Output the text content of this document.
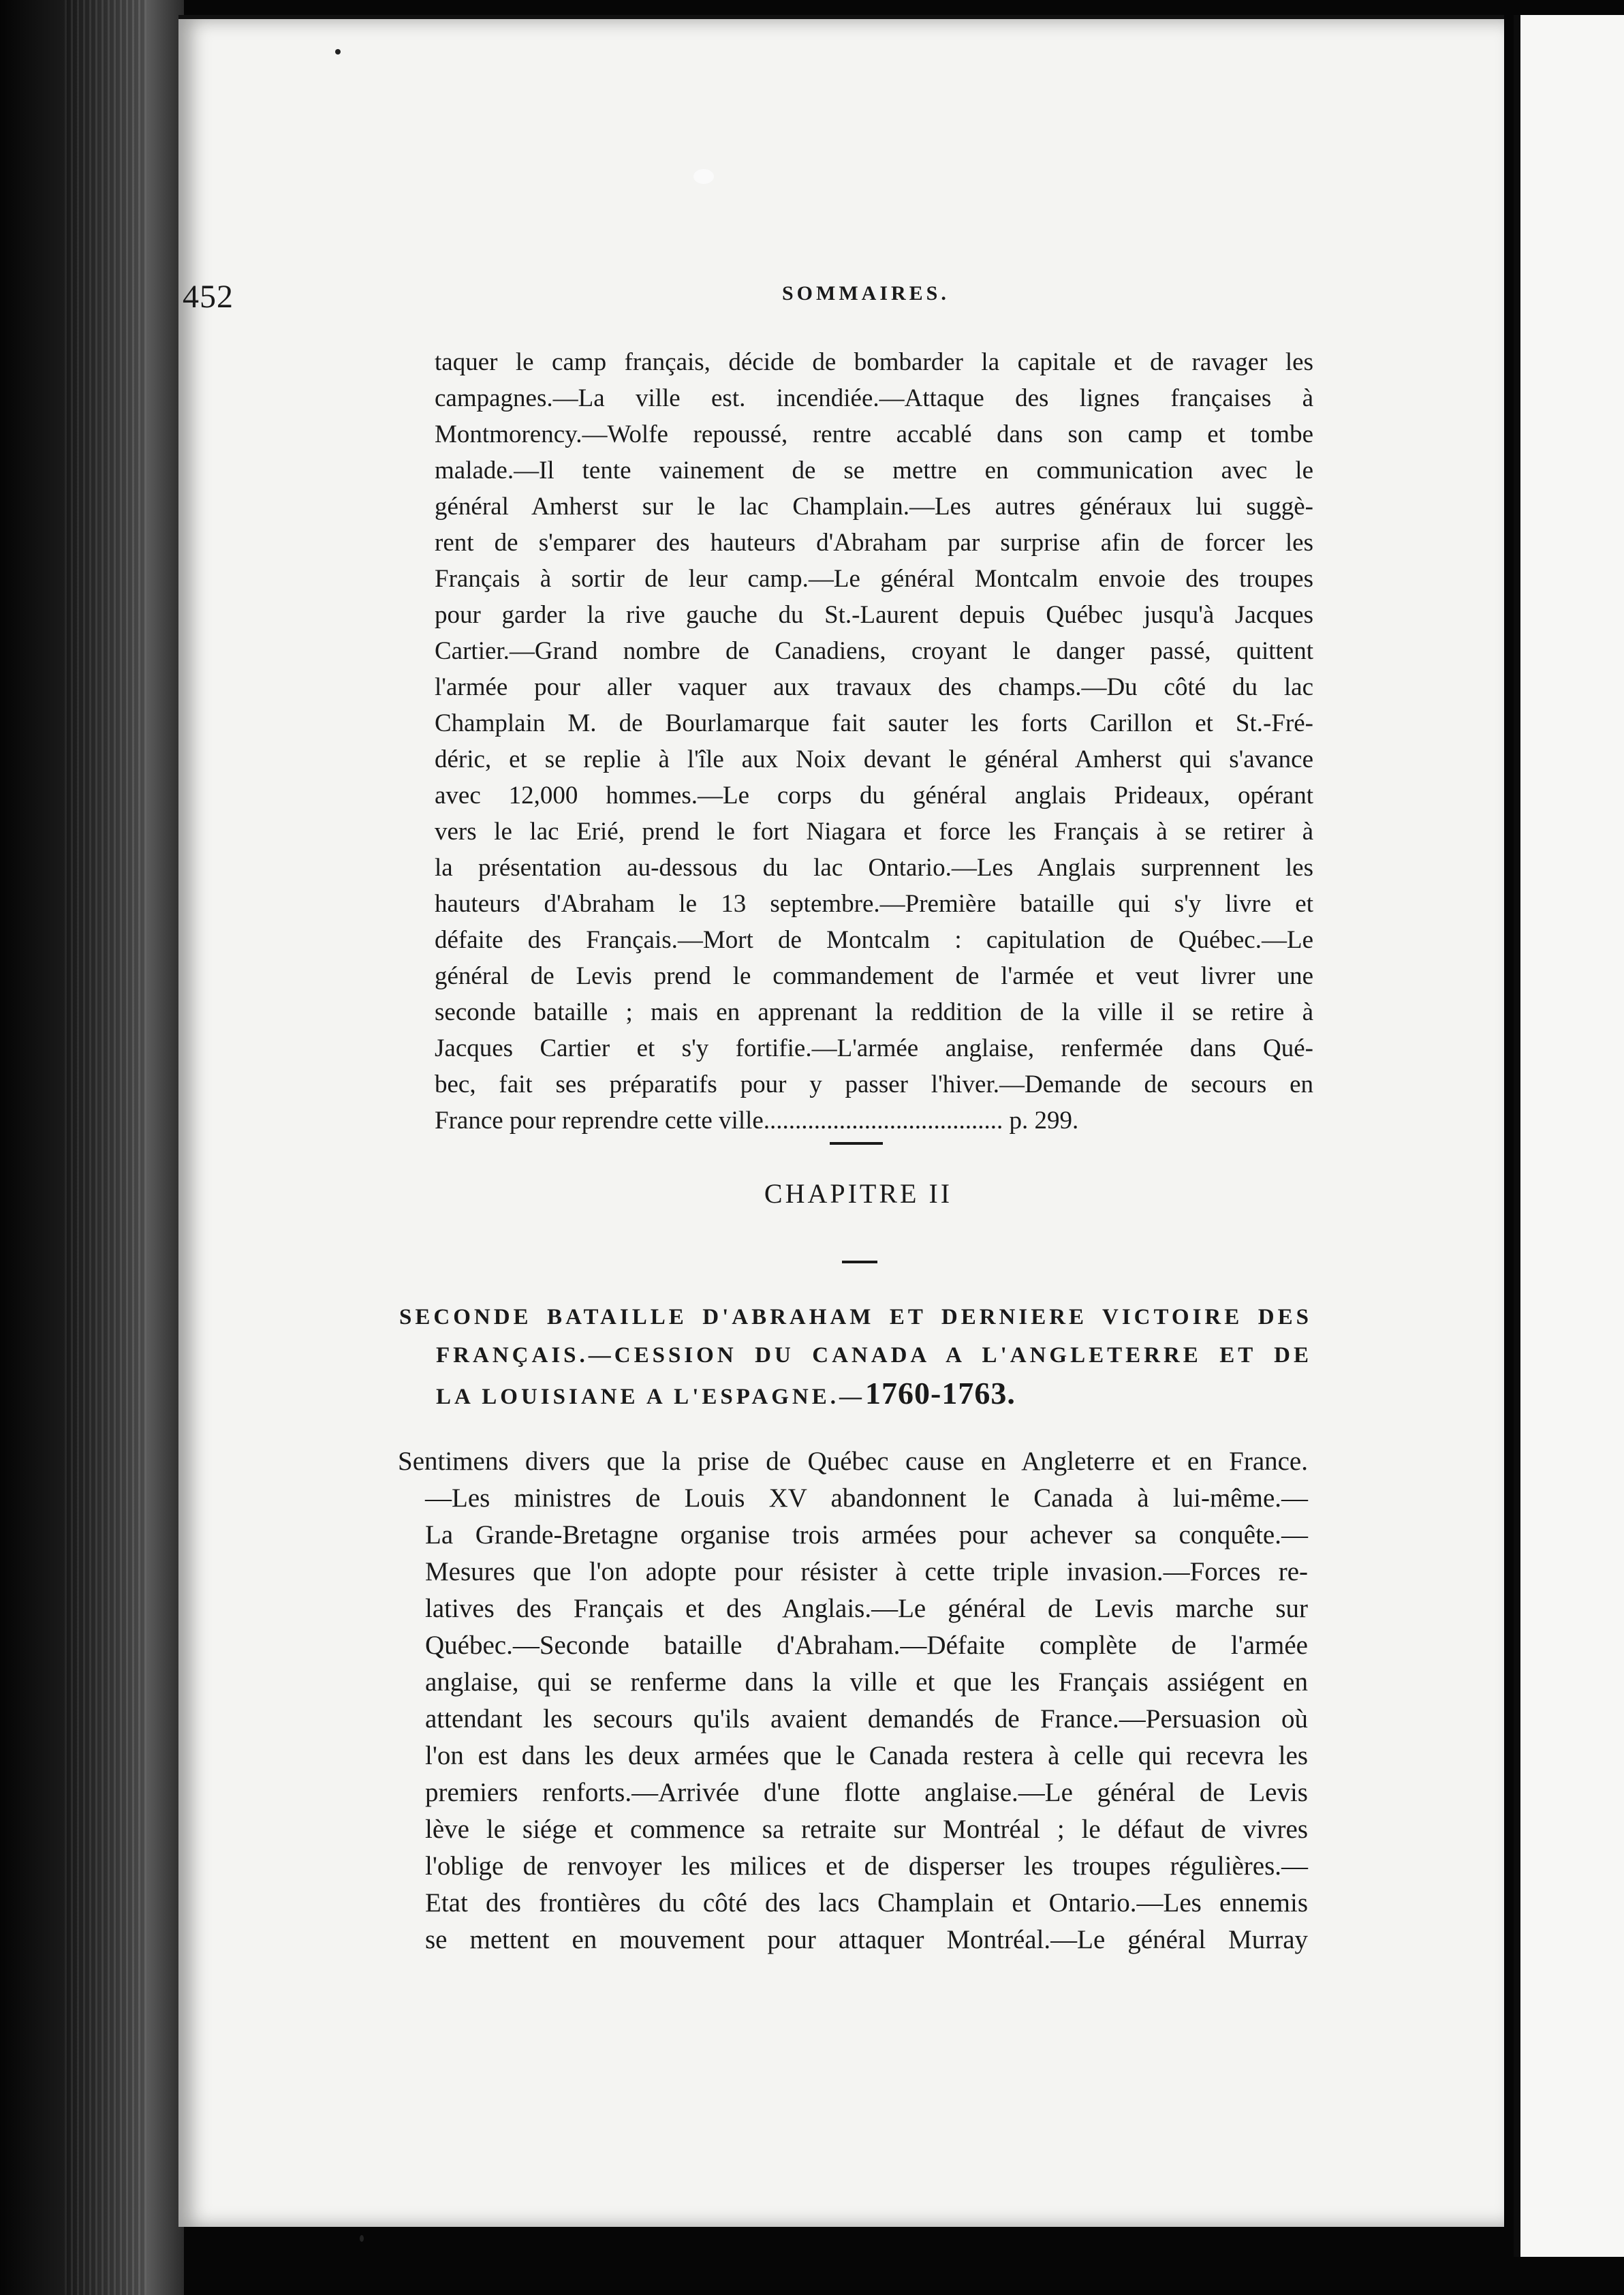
452	SOMMAIRES.
taquer le camp français, décide de bombarder la capitale et de ravager les
campagnes.—La ville est. incendiée.—Attaque des lignes françaises à
Montmorency.—Wolfe repoussé, rentre accablé dans son camp et tombe
malade.—Il tente vainement de se mettre en communication avec le
général Amherst sur le lac Champlain.—Les autres généraux lui suggè-
rent de s'emparer des hauteurs d'Abraham par surprise afin de forcer les
Français à sortir de leur camp.—Le général Montcalm envoie des troupes
pour garder la rive gauche du St.-Laurent depuis Québec jusqu'à Jacques
Cartier.—Grand nombre de Canadiens, croyant le danger passé, quittent
l'armée pour aller vaquer aux travaux des champs.—Du côté du lac
Champlain M. de Bourlamarque fait sauter les forts Carillon et St.-Fré-
déric, et se replie à l'île aux Noix devant le général Amherst qui s'avance
avec 12,000 hommes.—Le corps du général anglais Prideaux, opérant
vers le lac Erié, prend le fort Niagara et force les Français à se retirer à
la présentation au-dessous du lac Ontario.—Les Anglais surprennent les
hauteurs d'Abraham le 13 septembre.—Première bataille qui s'y livre et
défaite des Français.—Mort de Montcalm : capitulation de Québec.—Le
général de Levis prend le commandement de l'armée et veut livrer une
seconde bataille ; mais en apprenant la reddition de la ville il se retire à
Jacques Cartier et s'y fortifie.—L'armée anglaise, renfermée dans Qué-
bec, fait ses préparatifs pour y passer l'hiver.—Demande de secours en
France pour reprendre cette ville...................................... p. 299.
CHAPITRE II
SECONDE BATAILLE D'ABRAHAM ET DERNIERE VICTOIRE DES
FRANÇAIS.—CESSION DU CANADA A L'ANGLETERRE ET DE
LA LOUISIANE A L'ESPAGNE.—1760-1763.
Sentimens divers que la prise de Québec cause en Angleterre et en France.
—Les ministres de Louis XV abandonnent le Canada à lui-même.—
La Grande-Bretagne organise trois armées pour achever sa conquête.—
Mesures que l'on adopte pour résister à cette triple invasion.—Forces re-
latives des Français et des Anglais.—Le général de Levis marche sur
Québec.—Seconde bataille d'Abraham.—Défaite complète de l'armée
anglaise, qui se renferme dans la ville et que les Français assiégent en
attendant les secours qu'ils avaient demandés de France.—Persuasion où
l'on est dans les deux armées que le Canada restera à celle qui recevra les
premiers renforts.—Arrivée d'une flotte anglaise.—Le général de Levis
lève le siége et commence sa retraite sur Montréal ; le défaut de vivres
l'oblige de renvoyer les milices et de disperser les troupes régulières.—
Etat des frontières du côté des lacs Champlain et Ontario.—Les ennemis
se mettent en mouvement pour attaquer Montréal.—Le général Murray
